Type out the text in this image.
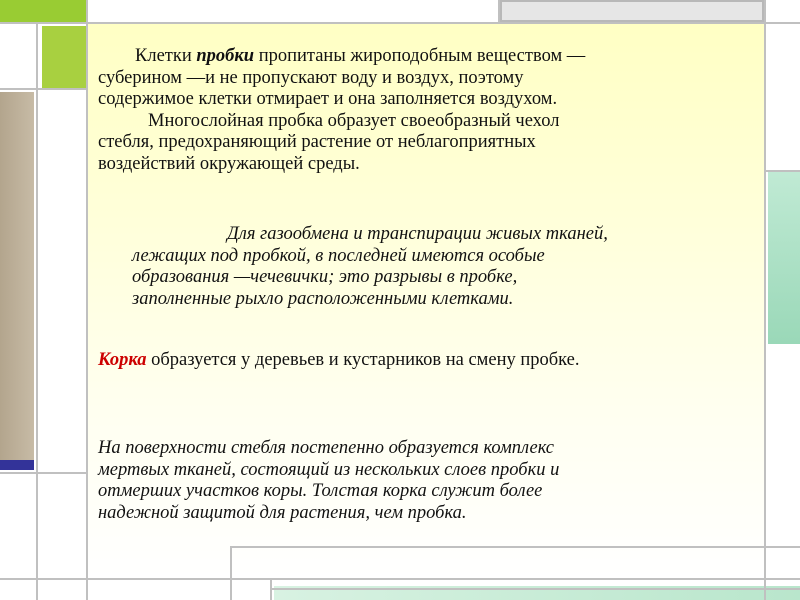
Клетки пробки пропитаны жироподобным веществом —

суберином —и не пропускают воду и воздух, поэтому

содержимое клетки отмирает и она заполняется воздухом.

Многослойная пробка образует своеобразный чехол

стебля, предохраняющий растение от неблагоприятных

воздействий окружающей среды.

Для газообмена и транспирации живых тканей,

лежащих под пробкой, в последней имеются особые

образования —чечевички; это разрывы в пробке,

заполненные рыхло расположенными клетками.

Корка образуется у деревьев и кустарников на смену пробке.

На поверхности стебля постепенно образуется комплекс

мертвых тканей, состоящий из нескольких слоев пробки и

отмерших участков коры. Толстая корка служит более

надежной защитой для растения, чем пробка.
